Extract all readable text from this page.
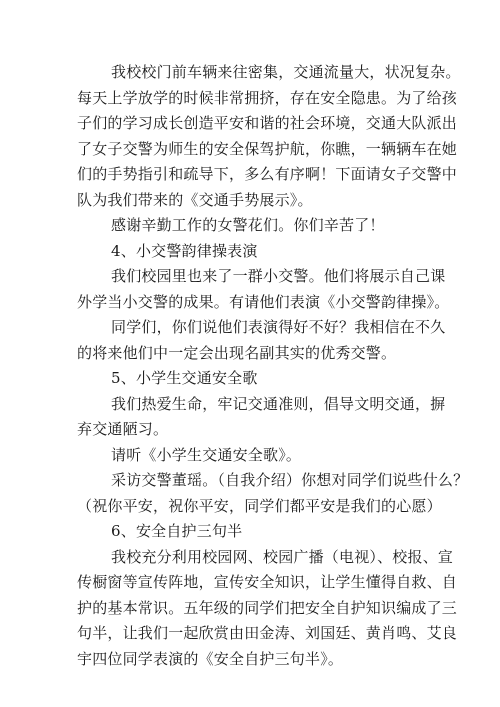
我校校门前车辆来往密集，交通流量大，状况复杂。
每天上学放学的时候非常拥挤，存在安全隐患。为了给孩
子们的学习成长创造平安和谐的社会环境，交通大队派出
了女子交警为师生的安全保驾护航，你瞧，一辆辆车在她
们的手势指引和疏导下，多么有序啊！下面请女子交警中
队为我们带来的《交通手势展示》。
感谢辛勤工作的女警花们。你们辛苦了！
4、小交警韵律操表演
我们校园里也来了一群小交警。他们将展示自己课
外学当小交警的成果。有请他们表演《小交警韵律操》。
同学们，你们说他们表演得好不好？我相信在不久
的将来他们中一定会出现名副其实的优秀交警。
5、小学生交通安全歌
我们热爱生命，牢记交通准则，倡导文明交通，摒
弃交通陋习。
请听《小学生交通安全歌》。
采访交警董瑶。（自我介绍）你想对同学们说些什么？
（祝你平安，祝你平安，同学们都平安是我们的心愿）
6、安全自护三句半
我校充分利用校园网、校园广播（电视）、校报、宣
传橱窗等宣传阵地，宣传安全知识，让学生懂得自救、自
护的基本常识。五年级的同学们把安全自护知识编成了三
句半，让我们一起欣赏由田金涛、刘国廷、黄肖鸣、艾良
宇四位同学表演的《安全自护三句半》。
